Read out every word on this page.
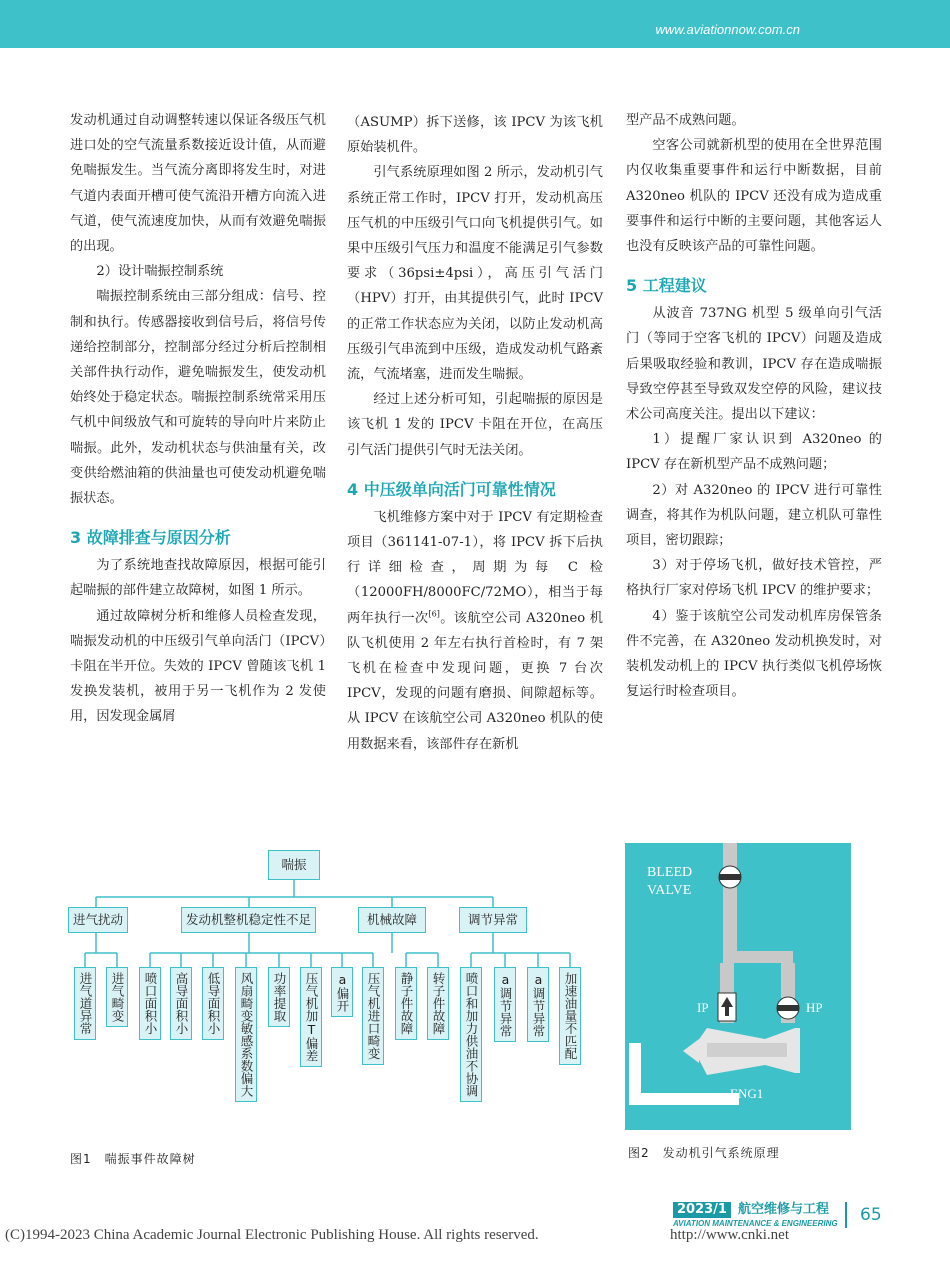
www.aviationnow.com.cn

发动机通过自动调整转速以保证各级压气机进口处的空气流量系数接近设计值，从而避免喘振发生。当气流分离即将发生时，对进气道内表面开槽可使气流沿开槽方向流入进气道，使气流速度加快，从而有效避免喘振的出现。

2）设计喘振控制系统

喘振控制系统由三部分组成：信号、控制和执行。传感器接收到信号后，将信号传递给控制部分，控制部分经过分析后控制相关部件执行动作，避免喘振发生，使发动机始终处于稳定状态。喘振控制系统常采用压气机中间级放气和可旋转的导向叶片来防止喘振。此外，发动机状态与供油量有关，改变供给燃油箱的供油量也可使发动机避免喘振状态。

3 故障排查与原因分析

为了系统地查找故障原因，根据可能引起喘振的部件建立故障树，如图 1 所示。

通过故障树分析和维修人员检查发现，喘振发动机的中压级引气单向活门（IPCV）卡阻在半开位。失效的 IPCV 曾随该飞机 1 发换发装机，被用于另一飞机作为 2 发使用，因发现金属屑

（ASUMP）拆下送修，该 IPCV 为该飞机原始装机件。

引气系统原理如图 2 所示，发动机引气系统正常工作时，IPCV 打开，发动机高压压气机的中压级引气口向飞机提供引气。如果中压级引气压力和温度不能满足引气参数要求（36psi±4psi），高压引气活门（HPV）打开，由其提供引气，此时 IPCV 的正常工作状态应为关闭，以防止发动机高压级引气串流到中压级，造成发动机气路紊流，气流堵塞，进而发生喘振。

经过上述分析可知，引起喘振的原因是该飞机 1 发的 IPCV 卡阻在开位，在高压引气活门提供引气时无法关闭。

4 中压级单向活门可靠性情况

飞机维修方案中对于 IPCV 有定期检查项目（361141-07-1），将 IPCV 拆下后执行详细检查，周期为每 C 检（12000FH/8000FC/72MO），相当于每两年执行一次[6]。该航空公司 A320neo 机队飞机使用 2 年左右执行首检时，有 7 架飞机在检查中发现问题，更换 7 台次 IPCV，发现的问题有磨损、间隙超标等。从 IPCV 在该航空公司 A320neo 机队的使用数据来看，该部件存在新机

型产品不成熟问题。

空客公司就新机型的使用在全世界范围内仅收集重要事件和运行中断数据，目前 A320neo 机队的 IPCV 还没有成为造成重要事件和运行中断的主要问题，其他客运人也没有反映该产品的可靠性问题。

5 工程建议

从波音 737NG 机型 5 级单向引气活门（等同于空客飞机的 IPCV）问题及造成后果吸取经验和教训，IPCV 存在造成喘振导致空停甚至导致双发空停的风险，建议技术公司高度关注。提出以下建议：

1）提醒厂家认识到 A320neo 的 IPCV 存在新机型产品不成熟问题；

2）对 A320neo 的 IPCV 进行可靠性调查，将其作为机队问题，建立机队可靠性项目，密切跟踪；

3）对于停场飞机，做好技术管控，严格执行厂家对停场飞机 IPCV 的维护要求；

4）鉴于该航空公司发动机库房保管条件不完善，在 A320neo 发动机换发时，对装机发动机上的 IPCV 执行类似飞机停场恢复运行时检查项目。

喘振
进气扰动	发动机整机稳定性不足	机械故障	调节异常
进气道异常	进气畸变	喷口面积小	高导面积小	低导面积小	风扇畸变敏感系数偏大	功率提取	压气机加T偏差	a偏开	压气机进口畸变	静子件故障	转子件故障	喷口和加力供油不协调	a调节异常	a调节异常	加速油量不匹配
图1　喘振事件故障树
BLEED
VALVE
IP	HP
ENG1
图2　发动机引气系统原理
2023/1 航空维修与工程
AVIATION MAINTENANCE & ENGINEERING 65
(C)1994-2023 China Academic Journal Electronic Publishing House. All rights reserved.	http://www.cnki.net
